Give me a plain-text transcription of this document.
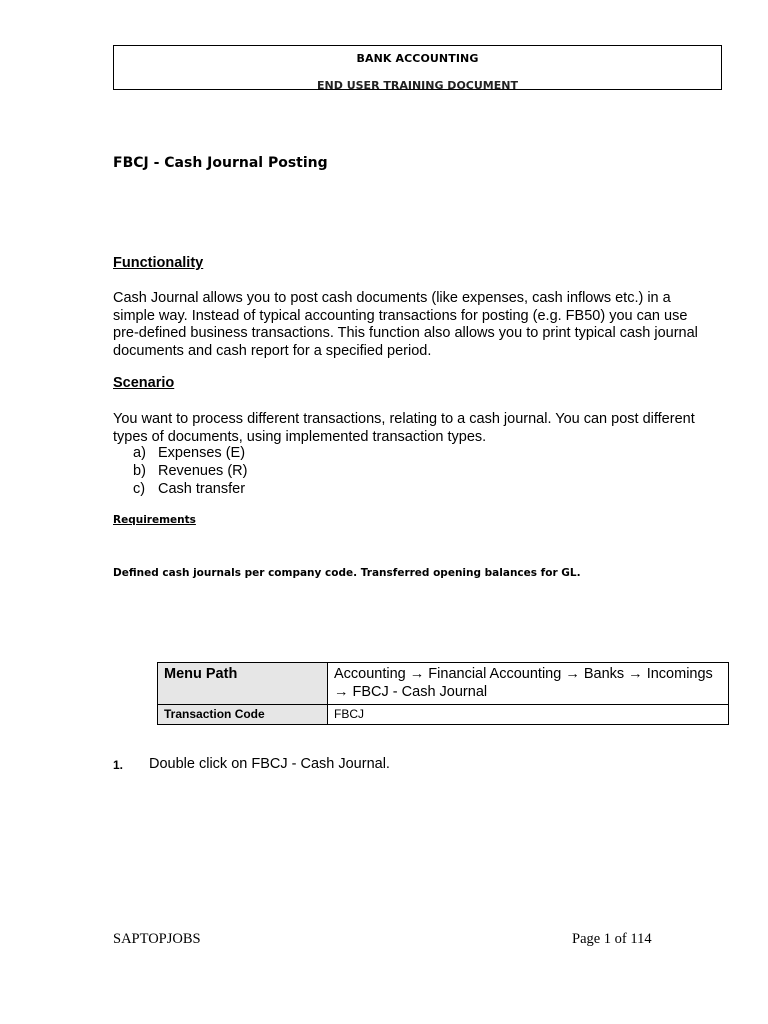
BANK ACCOUNTING
END USER TRAINING DOCUMENT
FBCJ - Cash Journal Posting
Functionality
Cash Journal allows you to post cash documents (like expenses, cash inflows etc.) in a
simple way. Instead of typical accounting transactions for posting (e.g. FB50) you can use
pre-defined business transactions. This function also allows you to print typical cash journal
documents and cash report for a specified period.
Scenario
You want to process different transactions, relating to a cash journal. You can post different
types of documents, using implemented transaction types.
a) Expenses (E)
b) Revenues (R)
c) Cash transfer
Requirements
Defined cash journals per company code. Transferred opening balances for GL.
Menu Path	Accounting → Financial Accounting → Banks → Incomings
→ FBCJ - Cash Journal

Transaction Code	FBCJ
1.	Double click on FBCJ - Cash Journal.
SAPTOPJOBS	Page 1 of 114
